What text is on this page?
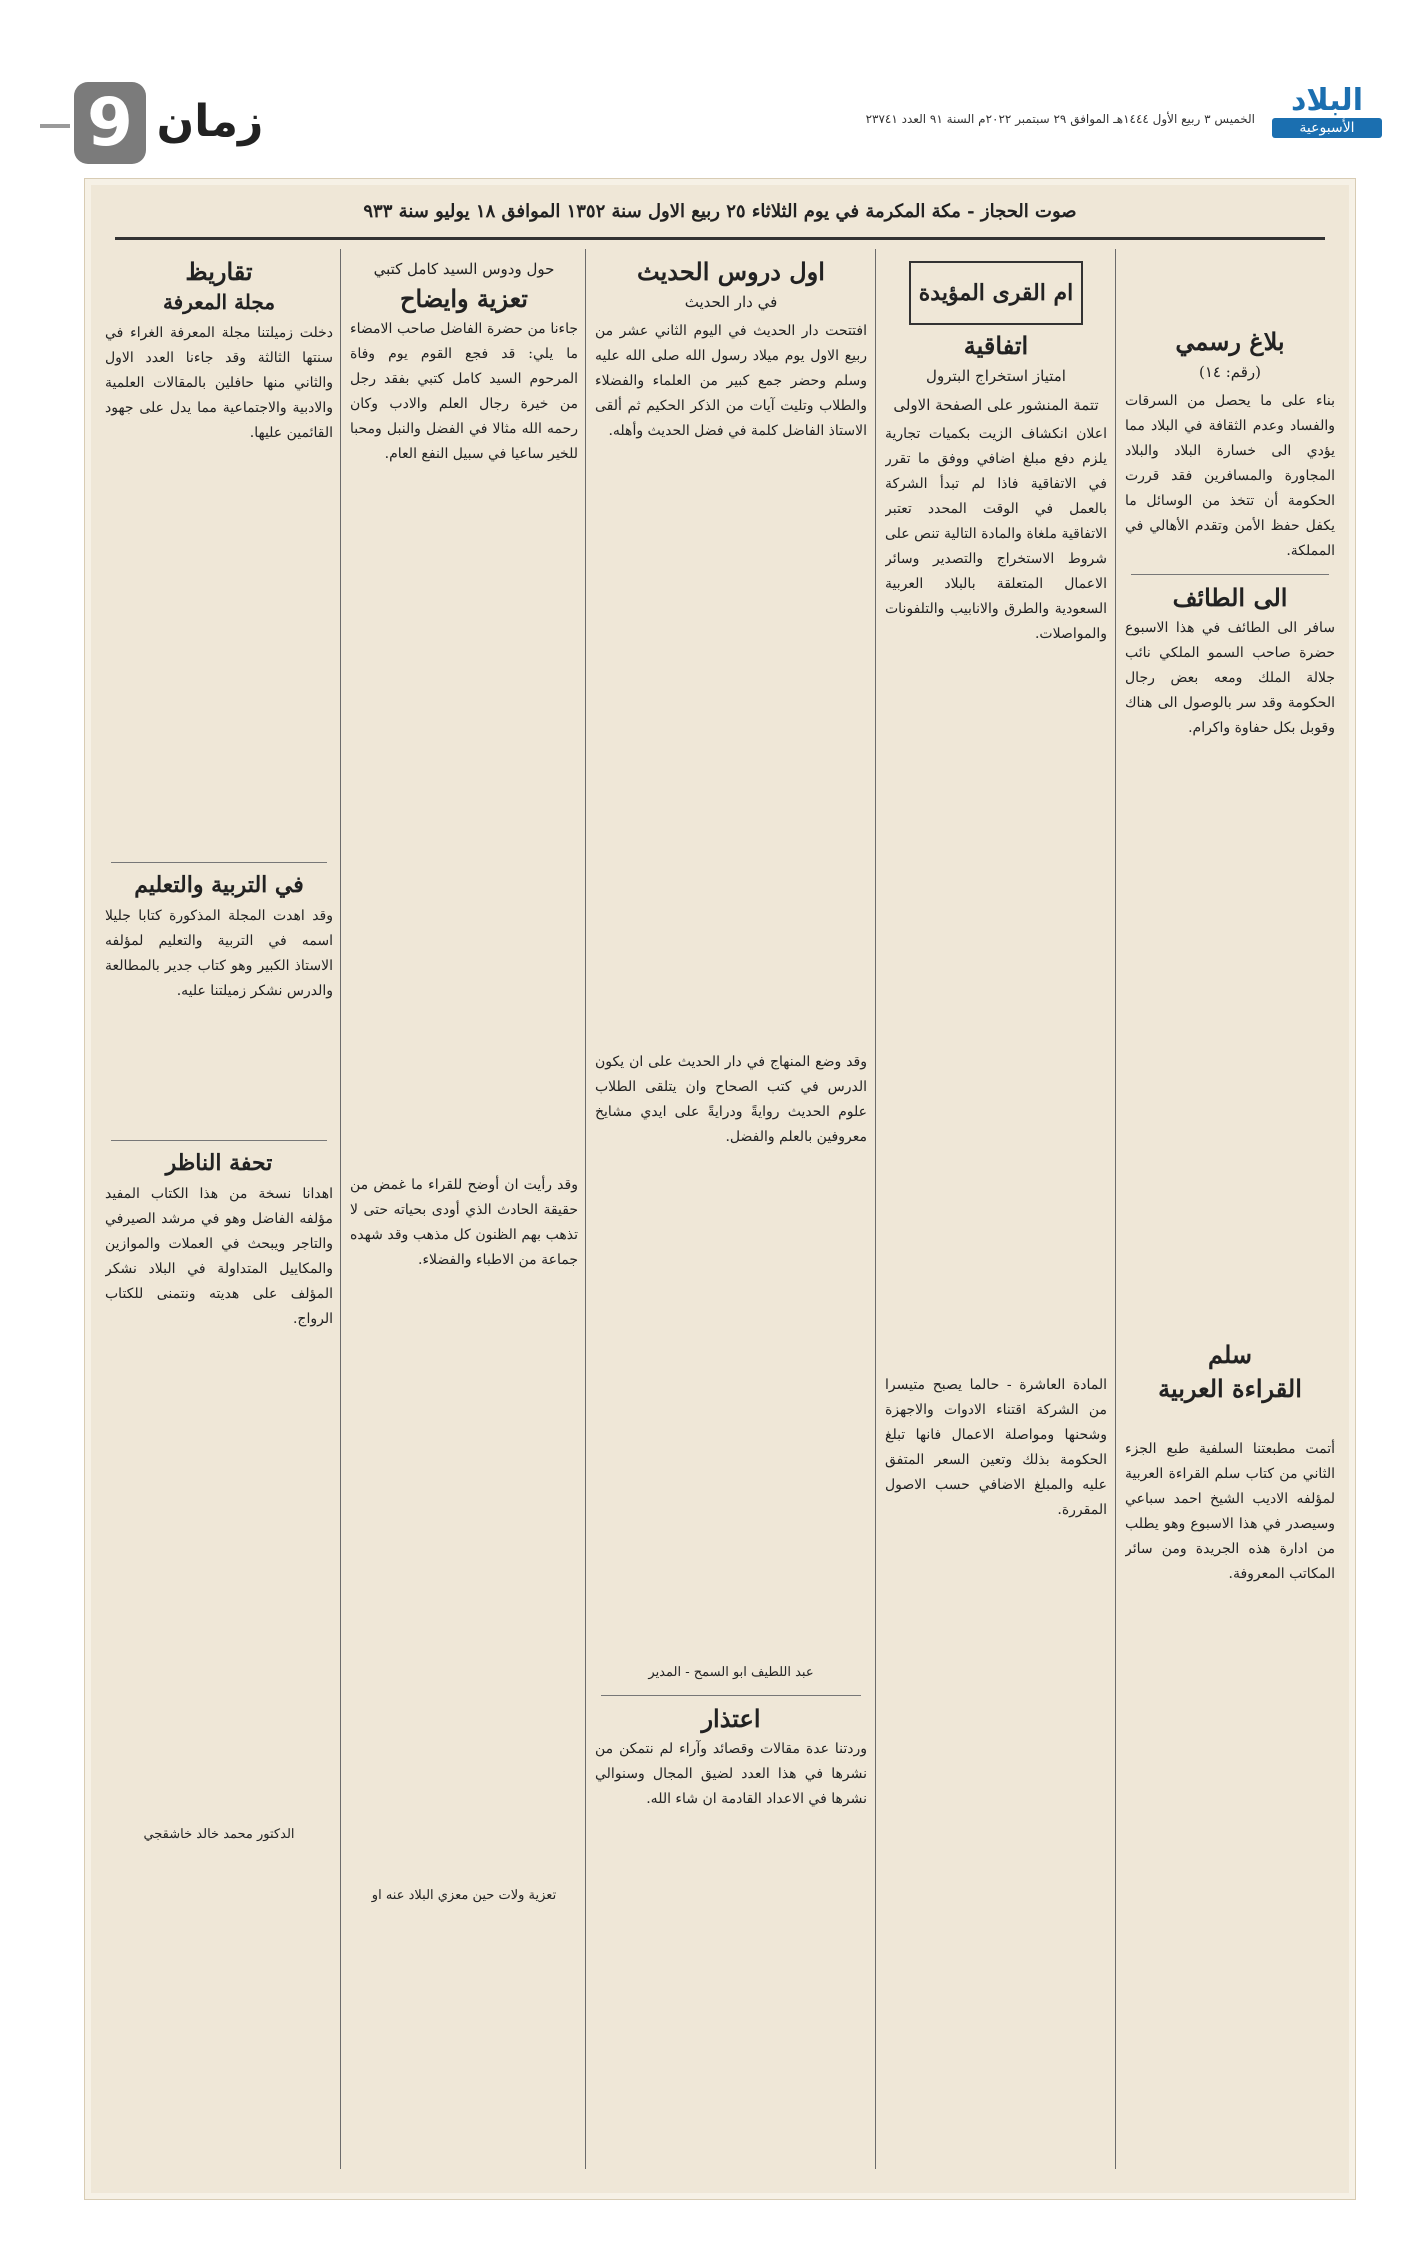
البلاد
الأسبوعية
الخميس ٣ ربيع الأول ١٤٤٤هـ الموافق ٢٩ سبتمبر ٢٠٢٢م السنة ٩١ العدد ٢٣٧٤١
زمان
9
صوت الحجاز - مكة المكرمة في يوم الثلاثاء ٢٥ ربيع الاول سنة ١٣٥٢ الموافق ١٨ يوليو سنة ٩٣٣
بلاغ رسمي
(رقم: ١٤)

بناء على ما يحصل من السرقات والفساد وعدم الثقافة في البلاد مما يؤدي الى خسارة البلاد والبلاد المجاورة والمسافرين فقد قررت الحكومة أن تتخذ من الوسائل ما يكفل حفظ الأمن وتقدم الأهالي في المملكة.

الى الطائف

سافر الى الطائف في هذا الاسبوع حضرة صاحب السمو الملكي نائب جلالة الملك ومعه بعض رجال الحكومة وقد سر بالوصول الى هناك وقوبل بكل حفاوة واكرام.

سلم
القراءة العربية

أتمت مطبعتنا السلفية طبع الجزء الثاني من كتاب سلم القراءة العربية لمؤلفه الاديب الشيخ احمد سباعي وسيصدر في هذا الاسبوع وهو يطلب من ادارة هذه الجريدة ومن سائر المكاتب المعروفة.

ام القرى المؤيدة
اتفاقية
امتياز استخراج البترول
تتمة المنشور على الصفحة الاولى

اعلان انكشاف الزيت بكميات تجارية يلزم دفع مبلغ اضافي ووفق ما تقرر في الاتفاقية فاذا لم تبدأ الشركة بالعمل في الوقت المحدد تعتبر الاتفاقية ملغاة والمادة التالية تنص على شروط الاستخراج والتصدير وسائر الاعمال المتعلقة بالبلاد العربية السعودية والطرق والانابيب والتلفونات والمواصلات.

المادة العاشرة - حالما يصبح متيسرا من الشركة اقتناء الادوات والاجهزة وشحنها ومواصلة الاعمال فانها تبلغ الحكومة بذلك وتعين السعر المتفق عليه والمبلغ الاضافي حسب الاصول المقررة.

اول دروس الحديث
في دار الحديث

افتتحت دار الحديث في اليوم الثاني عشر من ربيع الاول يوم ميلاد رسول الله صلى الله عليه وسلم وحضر جمع كبير من العلماء والفضلاء والطلاب وتليت آيات من الذكر الحكيم ثم ألقى الاستاذ الفاضل كلمة في فضل الحديث وأهله.

وقد وضع المنهاج في دار الحديث على ان يكون الدرس في كتب الصحاح وان يتلقى الطلاب علوم الحديث روايةً ودرايةً على ايدي مشايخ معروفين بالعلم والفضل.

عبد اللطيف ابو السمح - المدير
اعتذار

وردتنا عدة مقالات وقصائد وآراء لم نتمكن من نشرها في هذا العدد لضيق المجال وسنوالي نشرها في الاعداد القادمة ان شاء الله.

حول ودوس السيد كامل كتبي
تعزية وايضاح

جاءنا من حضرة الفاضل صاحب الامضاء ما يلي: قد فجع القوم يوم وفاة المرحوم السيد كامل كتبي بفقد رجل من خيرة رجال العلم والادب وكان رحمه الله مثالا في الفضل والنبل ومحبا للخير ساعيا في سبيل النفع العام.

وقد رأيت ان أوضح للقراء ما غمض من حقيقة الحادث الذي أودى بحياته حتى لا تذهب بهم الظنون كل مذهب وقد شهده جماعة من الاطباء والفضلاء.

تعزية ولات حين معزي البلاد عنه او
تقاريظ
مجلة المعرفة

دخلت زميلتنا مجلة المعرفة الغراء في سنتها الثالثة وقد جاءنا العدد الاول والثاني منها حافلين بالمقالات العلمية والادبية والاجتماعية مما يدل على جهود القائمين عليها.

في التربية والتعليم

وقد اهدت المجلة المذكورة كتابا جليلا اسمه في التربية والتعليم لمؤلفه الاستاذ الكبير وهو كتاب جدير بالمطالعة والدرس نشكر زميلتنا عليه.

تحفة الناظر

اهدانا نسخة من هذا الكتاب المفيد مؤلفه الفاضل وهو في مرشد الصيرفي والتاجر ويبحث في العملات والموازين والمكاييل المتداولة في البلاد نشكر المؤلف على هديته ونتمنى للكتاب الرواج.

الدكتور محمد خالد خاشقجي
